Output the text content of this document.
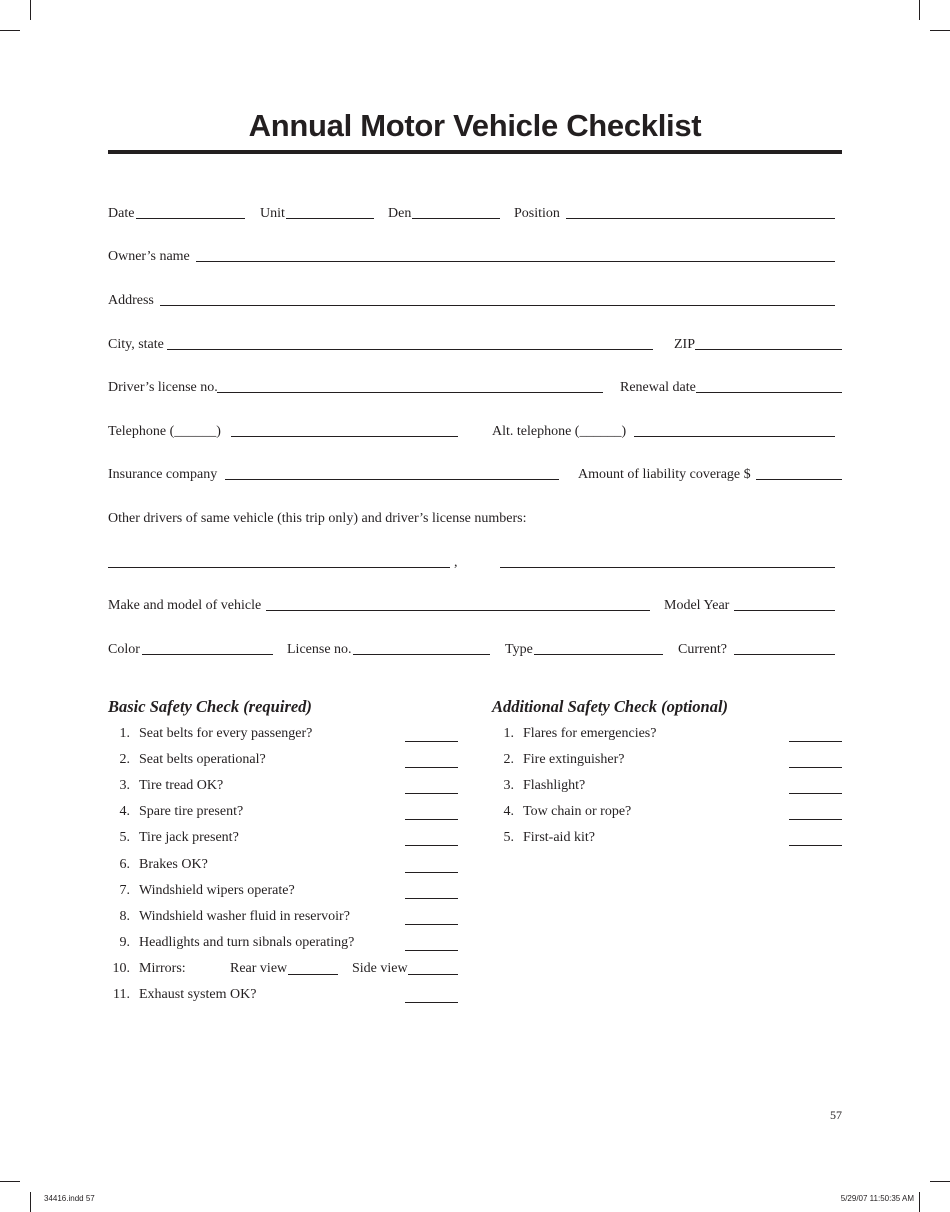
Annual Motor Vehicle Checklist
Date	Unit	Den	Position
Owner’s name
Address
City, state	ZIP
Driver’s license no.	Renewal date
Telephone (______)	Alt. telephone (______)
Insurance company	Amount of liability coverage $
Other drivers of same vehicle (this trip only) and driver’s license numbers:
,
Make and model of vehicle	Model Year
Color	License no.	Type	Current?
Basic Safety Check (required)
1. Seat belts for every passenger?
2. Seat belts operational?
3. Tire tread OK?
4. Spare tire present?
5. Tire jack present?
6. Brakes OK?
7. Windshield wipers operate?
8. Windshield washer fluid in reservoir?
9. Headlights and turn sibnals operating?
10. Mirrors:	Rear view	Side view
11. Exhaust system OK?
Additional Safety Check (optional)
1. Flares for emergencies?
2. Fire extinguisher?
3. Flashlight?
4. Tow chain or rope?
5. First-aid kit?
57
34416.indd 57	5/29/07 11:50:35 AM
